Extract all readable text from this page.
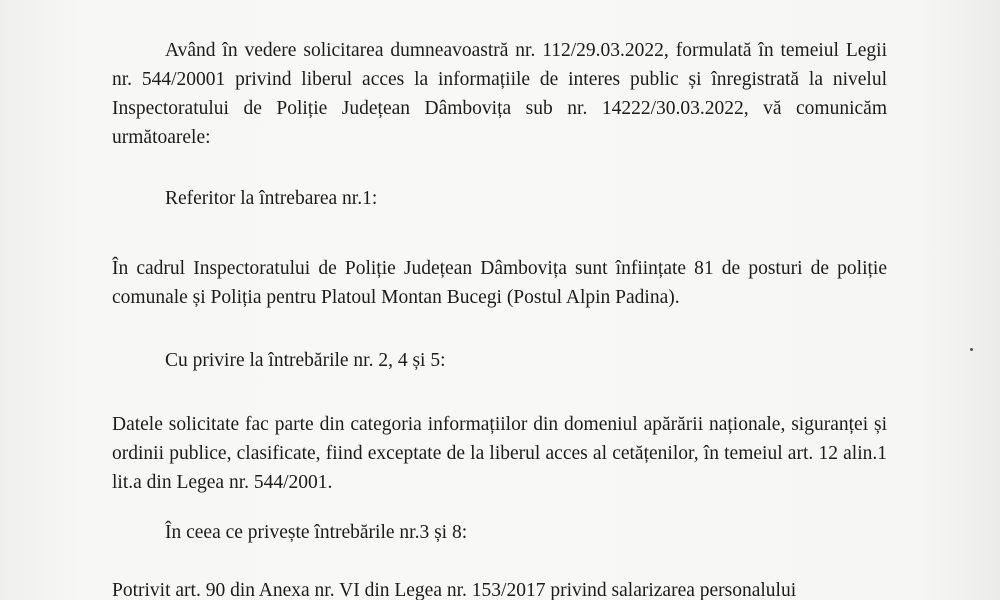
Având în vedere solicitarea dumneavoastră nr. 112/29.03.2022, formulată în temeiul Legii nr. 544/20001 privind liberul acces la informațiile de interes public și înregistrată la nivelul Inspectoratului de Poliție Județean Dâmbovița sub nr. 14222/30.03.2022, vă comunicăm următoarele:

Referitor la întrebarea nr.1:

În cadrul Inspectoratului de Poliție Județean Dâmbovița sunt înființate 81 de posturi de poliție comunale și Poliția pentru Platoul Montan Bucegi (Postul Alpin Padina).

Cu privire la întrebările nr. 2, 4 și 5:

Datele solicitate fac parte din categoria informațiilor din domeniul apărării naționale, siguranței și ordinii publice, clasificate, fiind exceptate de la liberul acces al cetățenilor, în temeiul art. 12 alin.1 lit.a din Legea nr. 544/2001.

În ceea ce privește întrebările nr.3 și 8:

Potrivit art. 90 din Anexa nr. VI din Legea nr. 153/2017 privind salarizarea personalului
